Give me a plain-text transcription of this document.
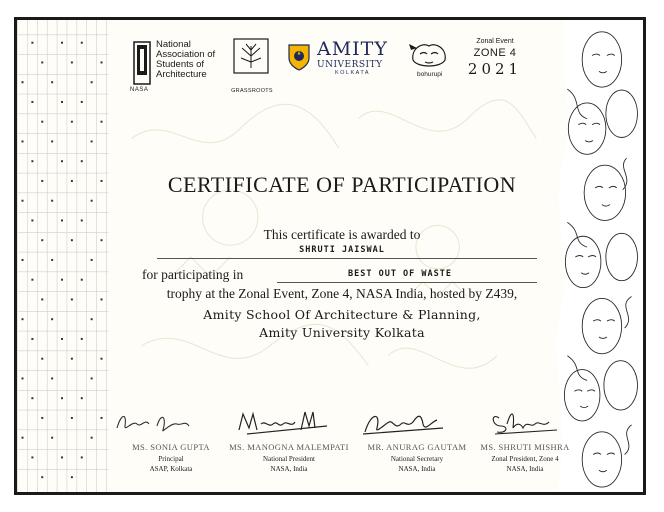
National
Association of
Students of
Architecture
NASA	GRASSROOTS
AMITY
UNIVERSITY
KOLKATA	bohurupi
Zonal Event
ZONE 4
2021
CERTIFICATE OF PARTICIPATION
This certificate is awarded to
SHRUTI JAISWAL
for participating in	BEST OUT OF WASTE
trophy at the Zonal Event, Zone 4, NASA India, hosted by Z439,
Amity School Of Architecture & Planning,
Amity University Kolkata
MS. SONIA GUPTA
Principal
ASAP, Kolkata
MS. MANOGNA MALEMPATI
National President
NASA, India
MR. ANURAG GAUTAM
National Secretary
NASA, India
MS. SHRUTI MISHRA
Zonal President, Zone 4
NASA, India
